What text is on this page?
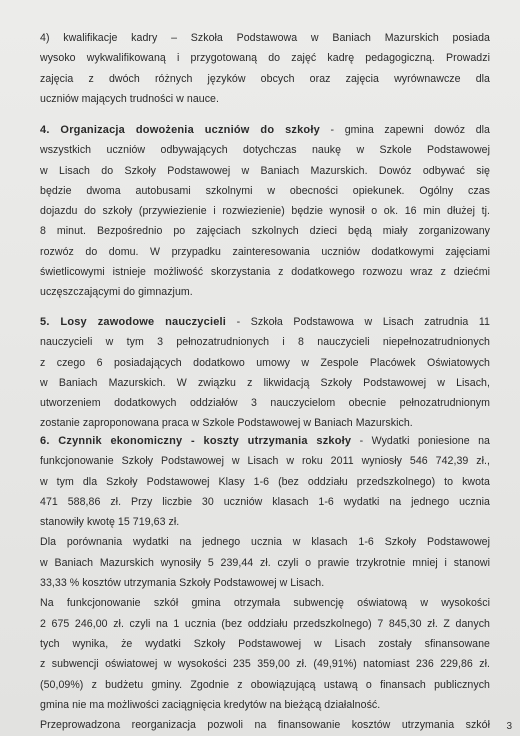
4) kwalifikacje kadry – Szkoła Podstawowa w Baniach Mazurskich posiada
wysoko wykwalifikowaną i przygotowaną do zajęć kadrę pedagogiczną. Prowadzi
zajęcia z dwóch różnych języków obcych oraz zajęcia wyrównawcze dla
uczniów mających trudności w nauce.
4. Organizacja dowożenia uczniów do szkoły - gmina zapewni dowóz dla
wszystkich uczniów odbywających dotychczas naukę w Szkole Podstawowej
w Lisach do Szkoły Podstawowej w Baniach Mazurskich. Dowóz odbywać się
będzie dwoma autobusami szkolnymi w obecności opiekunek. Ogólny czas
dojazdu do szkoły (przywiezienie i rozwiezienie) będzie wynosił o ok. 16 min dłużej tj.
8 minut. Bezpośrednio po zajęciach szkolnych dzieci będą miały zorganizowany
rozwóz do domu. W przypadku zainteresowania uczniów dodatkowymi zajęciami
świetlicowymi istnieje możliwość skorzystania z dodatkowego rozwozu wraz z dziećmi
uczęszczającymi do gimnazjum.
5. Losy zawodowe nauczycieli - Szkoła Podstawowa w Lisach zatrudnia 11
nauczycieli w tym 3 pełnozatrudnionych i 8 nauczycieli niepełnozatrudnionych
z czego 6 posiadających dodatkowo umowy w Zespole Placówek Oświatowych
w Baniach Mazurskich. W związku z likwidacją Szkoły Podstawowej w Lisach,
utworzeniem dodatkowych oddziałów 3 nauczycielom obecnie pełnozatrudnionym
zostanie zaproponowana praca w Szkole Podstawowej w Baniach Mazurskich.
6. Czynnik ekonomiczny - koszty utrzymania szkoły - Wydatki poniesione na
funkcjonowanie Szkoły Podstawowej w Lisach w roku 2011 wyniosły 546 742,39 zł.,
w tym dla Szkoły Podstawowej Klasy 1-6 (bez oddziału przedszkolnego) to kwota
471 588,86 zł. Przy liczbie 30 uczniów klasach 1-6 wydatki na jednego ucznia
stanowiły kwotę 15 719,63 zł.
Dla porównania wydatki na jednego ucznia w klasach 1-6 Szkoły Podstawowej
w Baniach Mazurskich wynosiły 5 239,44 zł. czyli o prawie trzykrotnie mniej i stanowi
33,33 % kosztów utrzymania Szkoły Podstawowej w Lisach.
Na funkcjonowanie szkół gmina otrzymała subwencję oświatową w wysokości
2 675 246,00 zł. czyli na 1 ucznia (bez oddziału przedszkolnego) 7 845,30 zł. Z danych
tych wynika, że wydatki Szkoły Podstawowej w Lisach zostały sfinansowane
z subwencji oświatowej w wysokości 235 359,00 zł. (49,91%) natomiast 236 229,86 zł.
(50,09%) z budżetu gminy. Zgodnie z obowiązującą ustawą o finansach publicznych
gmina nie ma możliwości zaciągnięcia kredytów na bieżącą działalność.
Przeprowadzona reorganizacja pozwoli na finansowanie kosztów utrzymania szkół 3
